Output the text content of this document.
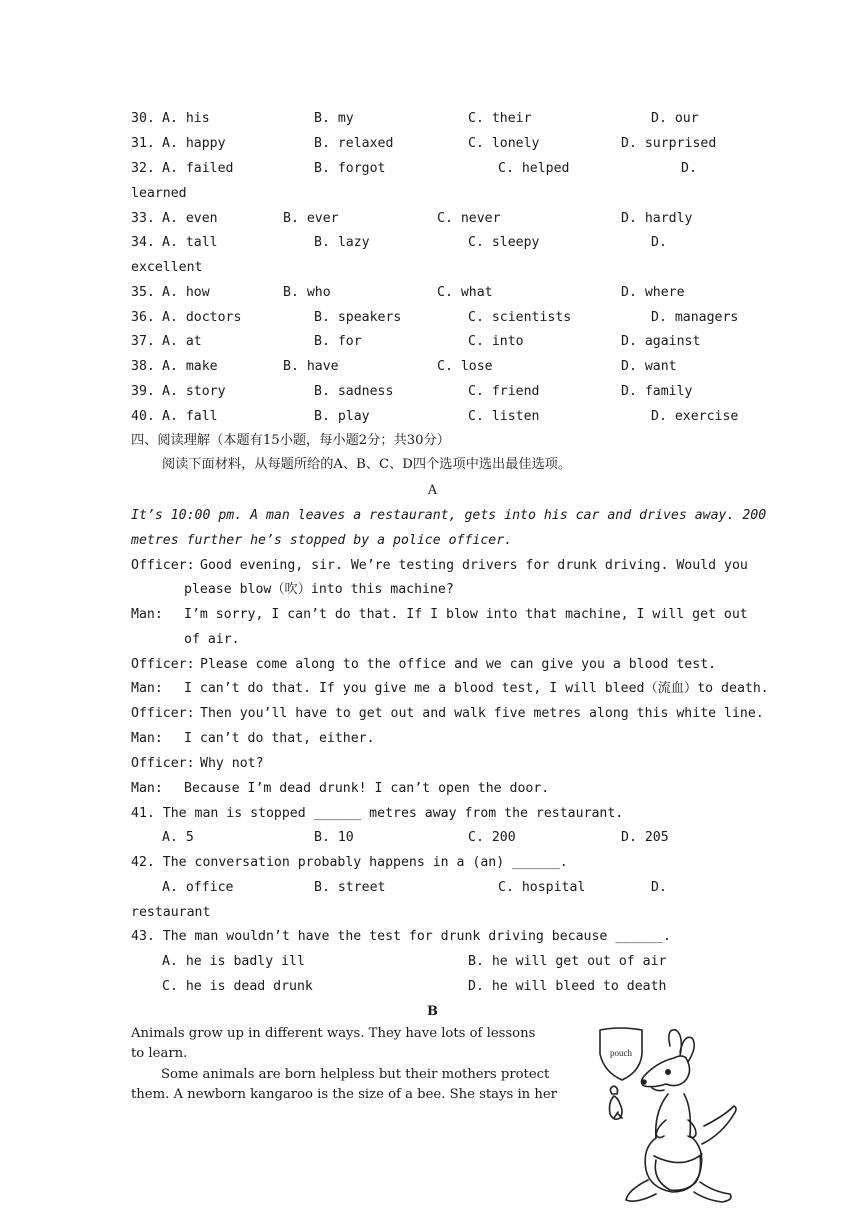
30. A. his	B. my	C. their	D. our
31. A. happy	B. relaxed	C. lonely	D. surprised
32. A. failed	B. forgot	C. helped	D.
learned
33. A. even	B. ever	C. never	D. hardly
34. A. tall	B. lazy	C. sleepy	D.
excellent
35. A. how	B. who	C. what	D. where
36. A. doctors	B. speakers	C. scientists	D. managers
37. A. at	B. for	C. into	D. against
38. A. make	B. have	C. lose	D. want
39. A. story	B. sadness	C. friend	D. family
40. A. fall	B. play	C. listen	D. exercise
四、阅读理解（本题有15小题，每小题2分；共30分）
阅读下面材料，从每题所给的A、B、C、D四个选项中选出最佳选项。
A
It’s 10:00 pm. A man leaves a restaurant, gets into his car and drives away. 200
metres further he’s stopped by a police officer.
Officer: Good evening, sir. We’re testing drivers for drunk driving. Would you
please blow（吹）into this machine?
Man: I’m sorry, I can’t do that. If I blow into that machine, I will get out
of air.
Officer: Please come along to the office and we can give you a blood test.
Man: I can’t do that. If you give me a blood test, I will bleed（流血）to death.
Officer: Then you’ll have to get out and walk five metres along this white line.
Man: I can’t do that, either.
Officer: Why not?
Man: Because I’m dead drunk! I can’t open the door.
41. The man is stopped ______ metres away from the restaurant.
A. 5	B. 10	C. 200	D. 205
42. The conversation probably happens in a (an) ______.
A. office	B. street	C. hospital	D.
restaurant
43. The man wouldn’t have the test for drunk driving because ______.
A. he is badly ill	B. he will get out of air
C. he is dead drunk	D. he will bleed to death
B
Animals grow up in different ways. They have lots of lessons
to learn.
Some animals are born helpless but their mothers protect
them. A newborn kangaroo is the size of a bee. She stays in her
pouch
